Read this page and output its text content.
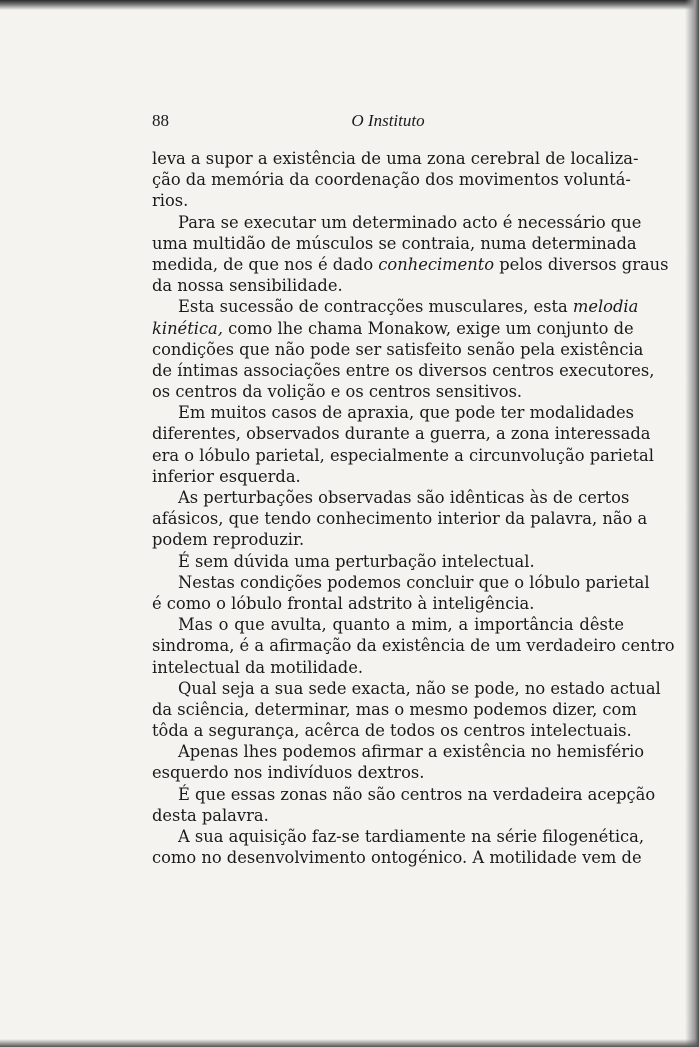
88	O Instituto
leva a supor a existência de uma zona cerebral de localiza-
ção da memória da coordenação dos movimentos voluntá-
rios.
Para se executar um determinado acto é necessário que
uma multidão de músculos se contraia, numa determinada
medida, de que nos é dado conhecimento pelos diversos graus
da nossa sensibilidade.
Esta sucessão de contracções musculares, esta melodia
kinética, como lhe chama Monakow, exige um conjunto de
condições que não pode ser satisfeito senão pela existência
de íntimas associações entre os diversos centros executores,
os centros da volição e os centros sensitivos.
Em muitos casos de apraxia, que pode ter modalidades
diferentes, observados durante a guerra, a zona interessada
era o lóbulo parietal, especialmente a circunvolução parietal
inferior esquerda.
As perturbações observadas são idênticas às de certos
afásicos, que tendo conhecimento interior da palavra, não a
podem reproduzir.
É sem dúvida uma perturbação intelectual.
Nestas condições podemos concluir que o lóbulo parietal
é como o lóbulo frontal adstrito à inteligência.
Mas o que avulta, quanto a mim, a importância dêste
sindroma, é a afirmação da existência de um verdadeiro centro
intelectual da motilidade.
Qual seja a sua sede exacta, não se pode, no estado actual
da sciência, determinar, mas o mesmo podemos dizer, com
tôda a segurança, acêrca de todos os centros intelectuais.
Apenas lhes podemos afirmar a existência no hemisfério
esquerdo nos indivíduos dextros.
É que essas zonas não são centros na verdadeira acepção
desta palavra.
A sua aquisição faz-se tardiamente na série filogenética,
como no desenvolvimento ontogénico. A motilidade vem de
